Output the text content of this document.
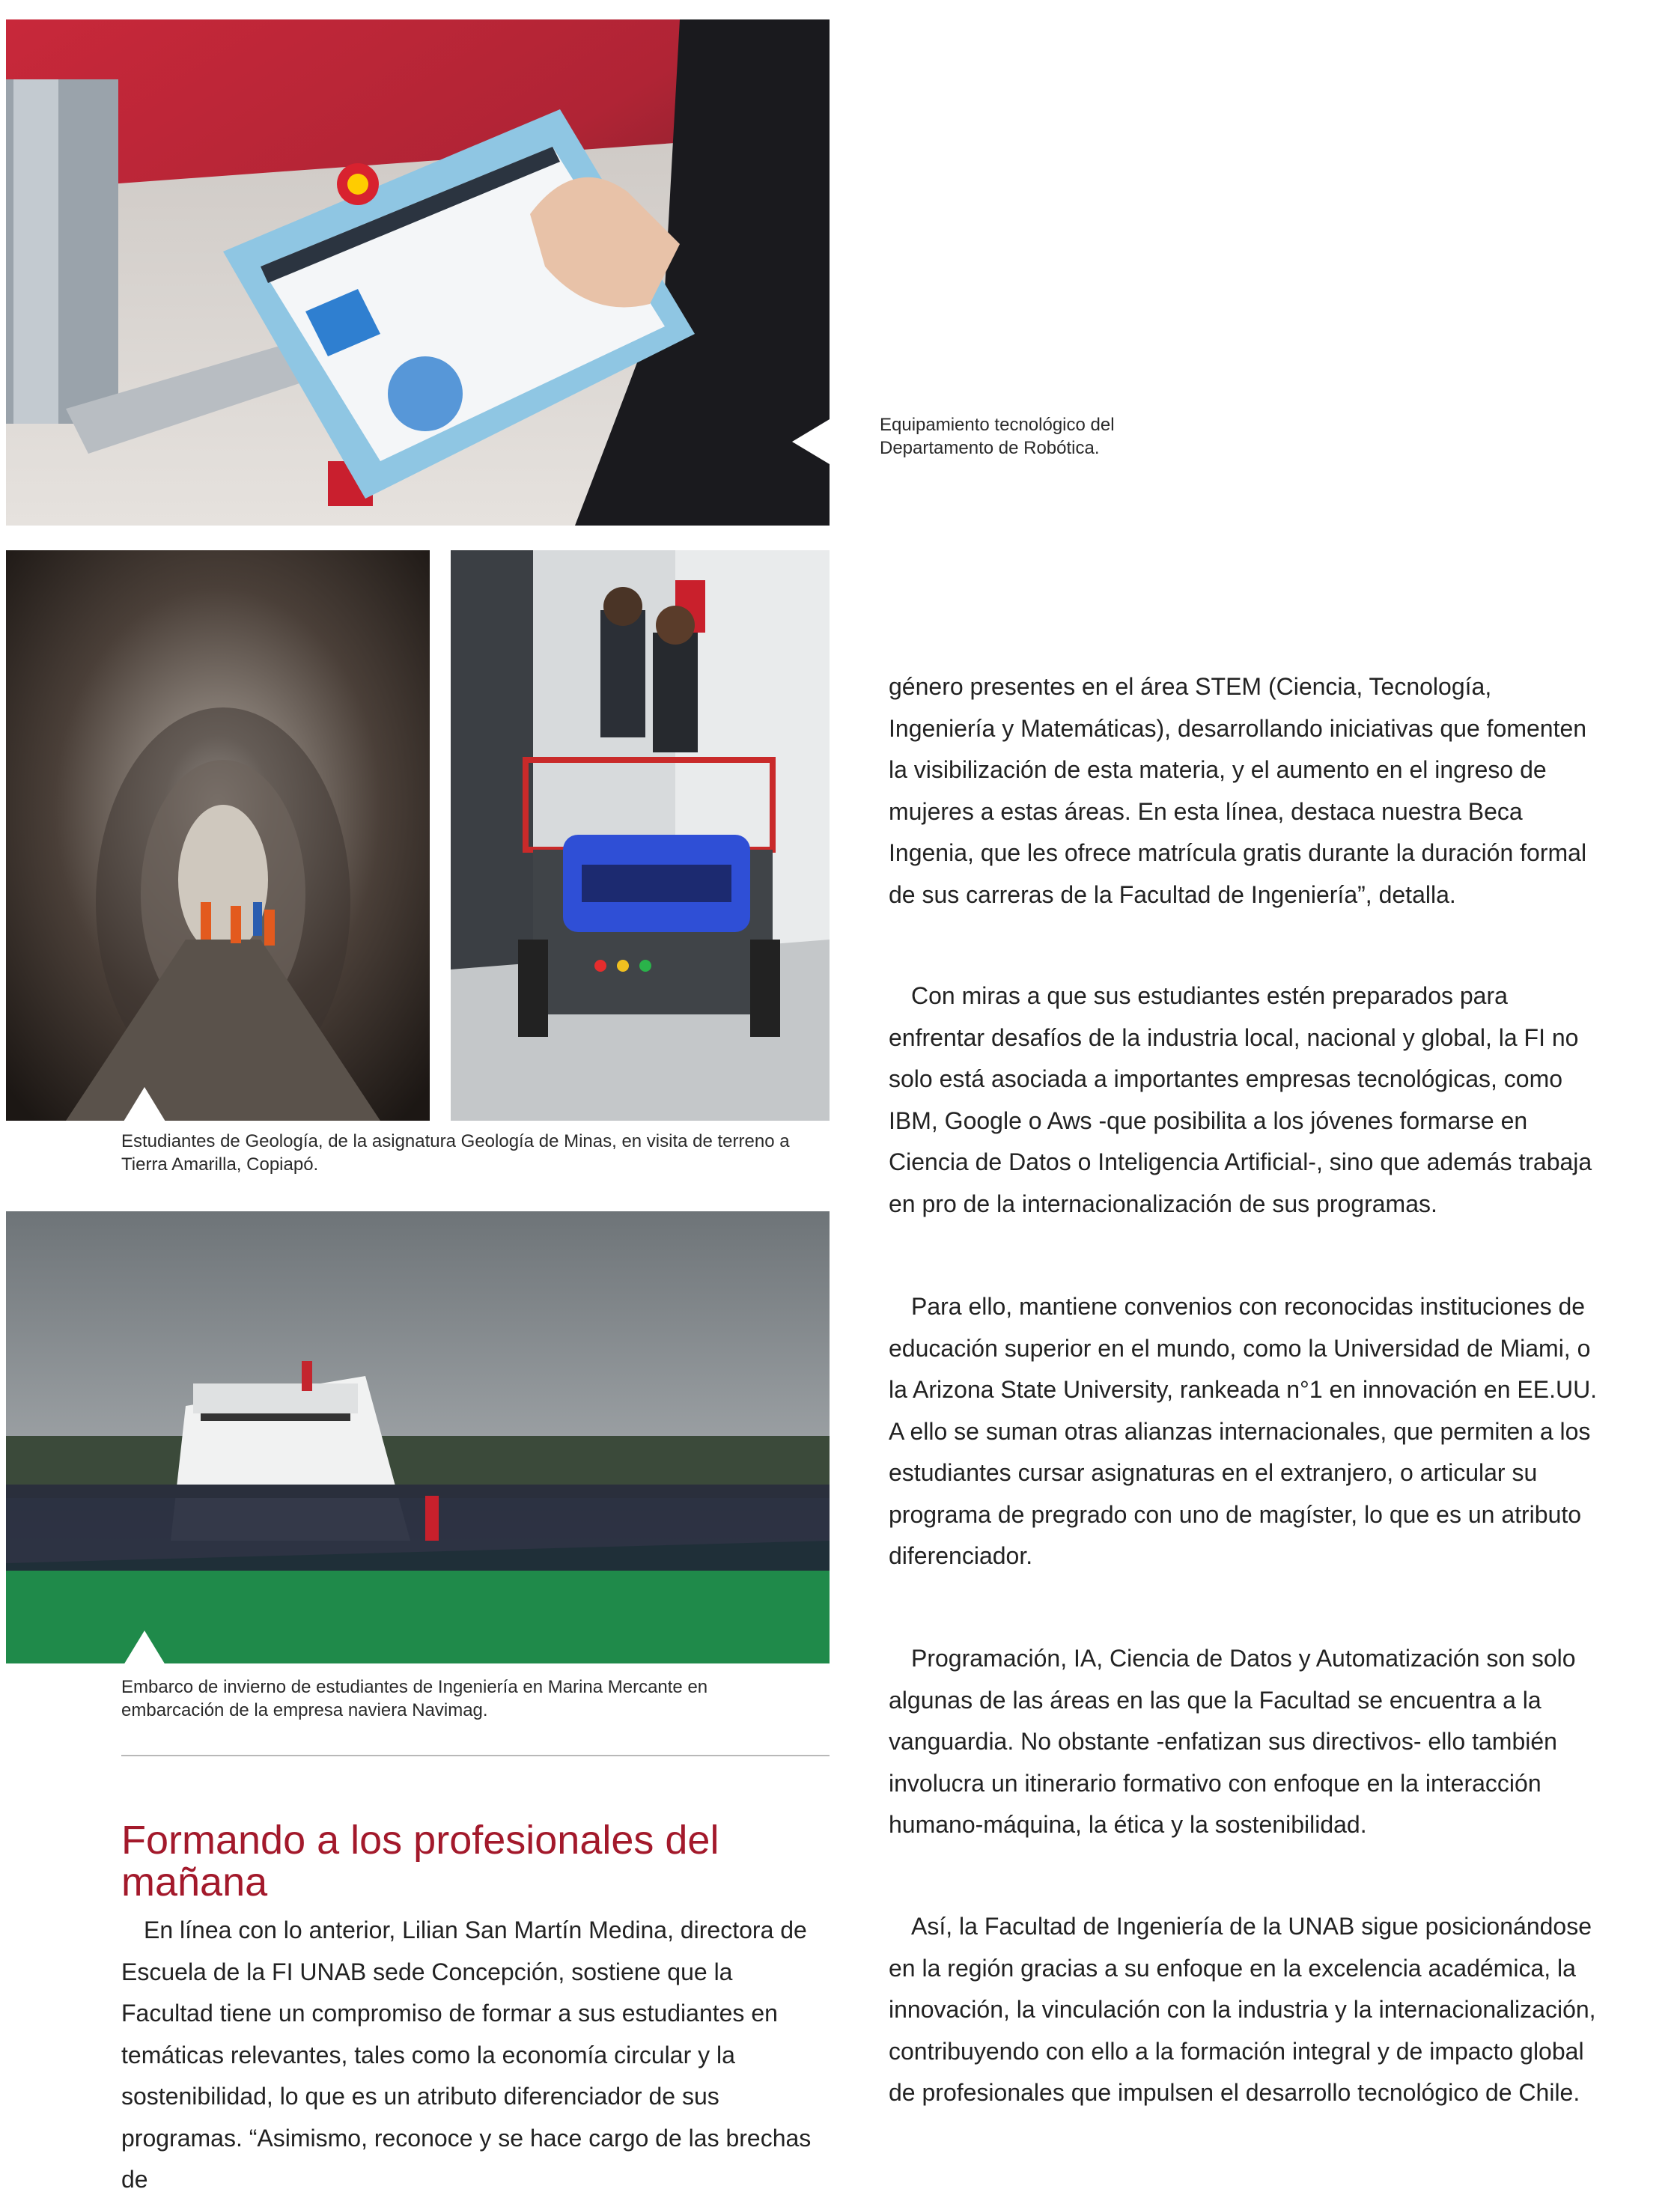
Equipamiento tecnológico del Departamento de Robótica.

Estudiantes de Geología, de la asignatura Geología de Minas, en visita de terreno a Tierra Amarilla, Copiapó.

Embarco de invierno de estudiantes de Ingeniería en Marina Mercante en embarcación de la empresa naviera Navimag.

Formando a los profesionales del mañana

En línea con lo anterior, Lilian San Martín Medina, directora de Escuela de la FI UNAB sede Concepción, sostiene que la Facultad tiene un compromiso de formar a sus estudiantes en temáticas relevantes, tales como la economía circular y la sostenibilidad, lo que es un atributo diferenciador de sus programas. “Asimismo, reconoce y se hace cargo de las brechas de

género presentes en el área STEM (Ciencia, Tecnología, Ingeniería y Matemáticas), desarrollando iniciativas que fomenten la visibilización de esta materia, y el aumento en el ingreso de mujeres a estas áreas. En esta línea, destaca nuestra Beca Ingenia, que les ofrece matrícula gratis durante la duración formal de sus carreras de la Facultad de Ingeniería”, detalla.

Con miras a que sus estudiantes estén preparados para enfrentar desafíos de la industria local, nacional y global, la FI no solo está asociada a importantes empresas tecnológicas, como IBM, Google o Aws -que posibilita a los jóvenes formarse en Ciencia de Datos o Inteligencia Artificial-, sino que además trabaja en pro de la internacionalización de sus programas.

Para ello, mantiene convenios con reconocidas instituciones de educación superior en el mundo, como la Universidad de Miami, o la Arizona State University, rankeada n°1 en innovación en EE.UU. A ello se suman otras alianzas internacionales, que permiten a los estudiantes cursar asignaturas en el extranjero, o articular su programa de pregrado con uno de magíster, lo que es un atributo diferenciador.

Programación, IA, Ciencia de Datos y Automatización son solo algunas de las áreas en las que la Facultad se encuentra a la vanguardia. No obstante -enfatizan sus directivos- ello también involucra un itinerario formativo con enfoque en la interacción humano-máquina, la ética y la sostenibilidad.

Así, la Facultad de Ingeniería de la UNAB sigue posicionándose en la región gracias a su enfoque en la excelencia académica, la innovación, la vinculación con la industria y la internacionalización, contribuyendo con ello a la formación integral y de impacto global de profesionales que impulsen el desarrollo tecnológico de Chile.
